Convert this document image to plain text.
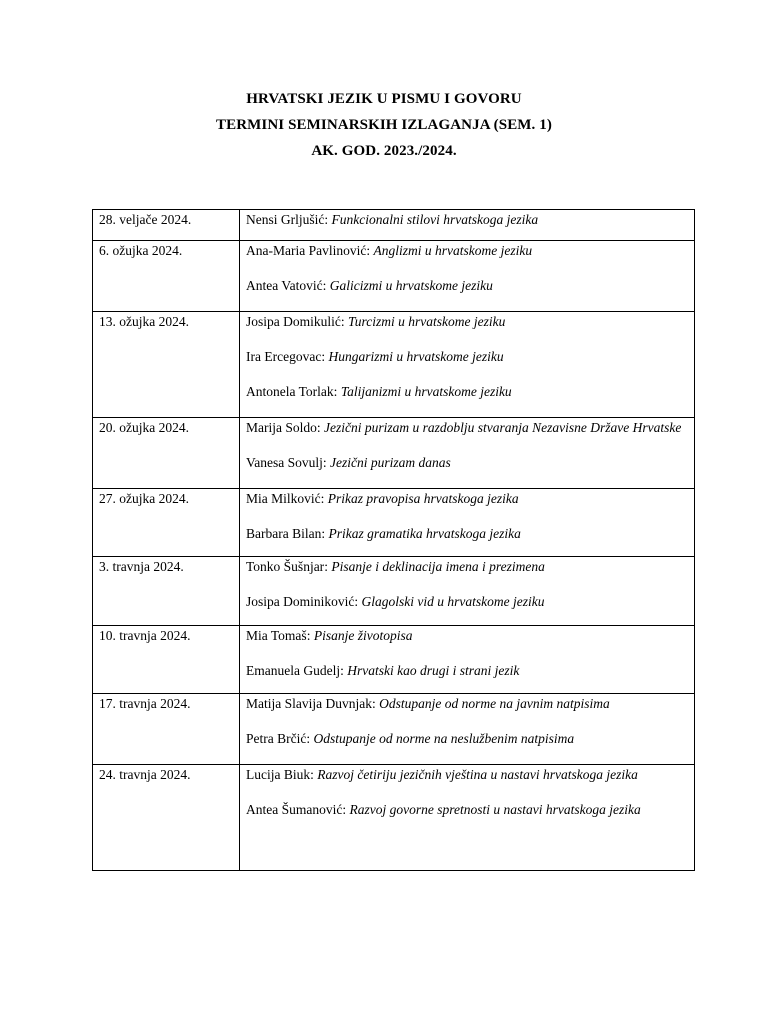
HRVATSKI JEZIK U PISMU I GOVORU
TERMINI SEMINARSKIH IZLAGANJA (SEM. 1)
AK. GOD. 2023./2024.
28. veljače 2024.	Nensi Grljušić: Funkcionalni stilovi hrvatskoga jezika

6. ožujka 2024.	Ana-Maria Pavlinović: Anglizmi u hrvatskome jeziku
Antea Vatović: Galicizmi u hrvatskome jeziku

13. ožujka 2024.	Josipa Domikulić: Turcizmi u hrvatskome jeziku
Ira Ercegovac: Hungarizmi u hrvatskome jeziku
Antonela Torlak: Talijanizmi u hrvatskome jeziku

20. ožujka 2024.	Marija Soldo: Jezični purizam u razdoblju stvaranja Nezavisne Države Hrvatske
Vanesa Sovulj: Jezični purizam danas

27. ožujka 2024.	Mia Milković: Prikaz pravopisa hrvatskoga jezika
Barbara Bilan: Prikaz gramatika hrvatskoga jezika

3. travnja 2024.	Tonko Šušnjar: Pisanje i deklinacija imena i prezimena
Josipa Dominiković: Glagolski vid u hrvatskome jeziku

10. travnja 2024.	Mia Tomaš: Pisanje životopisa
Emanuela Gudelj: Hrvatski kao drugi i strani jezik

17. travnja 2024.	Matija Slavija Duvnjak: Odstupanje od norme na javnim natpisima
Petra Brčić: Odstupanje od norme na neslužbenim natpisima

24. travnja 2024.	Lucija Biuk: Razvoj četiriju jezičnih vještina u nastavi hrvatskoga jezika
Antea Šumanović: Razvoj govorne spretnosti u nastavi hrvatskoga jezika
